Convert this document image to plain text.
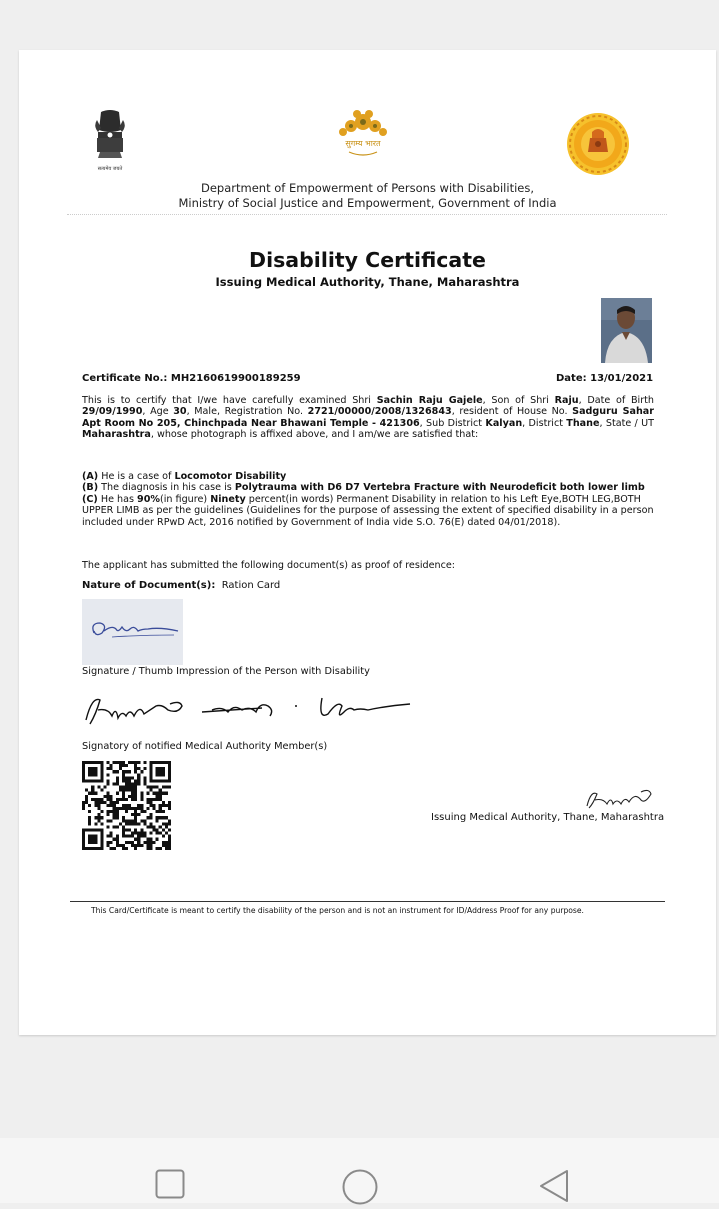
सत्यमेव जयते
सुगम्य भारत
Department of Empowerment of Persons with Disabilities,
Ministry of Social Justice and Empowerment, Government of India
Disability Certificate
Issuing Medical Authority, Thane, Maharashtra
Certificate No.: MH2160619900189259	Date: 13/01/2021
This is to certify that I/we have carefully examined Shri Sachin Raju Gajele, Son of Shri Raju, Date of Birth 29/09/1990, Age 30, Male, Registration No. 2721/00000/2008/1326843, resident of House No. Sadguru Sahar Apt Room No 205, Chinchpada Near Bhawani Temple - 421306, Sub District Kalyan, District Thane, State / UT Maharashtra, whose photograph is affixed above, and I am/we are satisfied that:
(A) He is a case of Locomotor Disability
(B) The diagnosis in his case is Polytrauma with D6 D7 Vertebra Fracture with Neurodeficit both lower limb
(C) He has 90%(in figure) Ninety percent(in words) Permanent Disability in relation to his Left Eye,BOTH LEG,BOTH UPPER LIMB as per the guidelines (Guidelines for the purpose of assessing the extent of specified disability in a person included under RPwD Act, 2016 notified by Government of India vide S.O. 76(E) dated 04/01/2018).
The applicant has submitted the following document(s) as proof of residence:
Nature of Document(s): Ration Card
Signature / Thumb Impression of the Person with Disability
Signatory of notified Medical Authority Member(s)
Issuing Medical Authority, Thane, Maharashtra
This Card/Certificate is meant to certify the disability of the person and is not an instrument for ID/Address Proof for any purpose.
